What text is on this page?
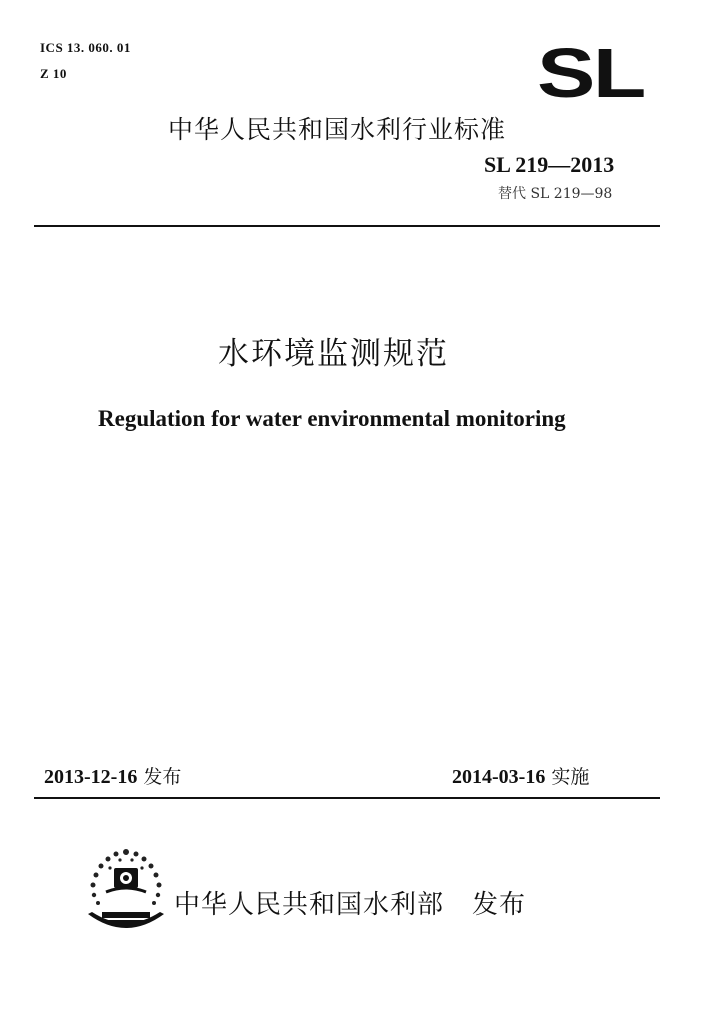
ICS 13. 060. 01
Z 10	SL
中华人民共和国水利行业标准
SL 219—2013
替代 SL 219—98
水环境监测规范
Regulation for water environmental monitoring
2013-12-16 发布	2014-03-16 实施
中华人民共和国水利部 发布
